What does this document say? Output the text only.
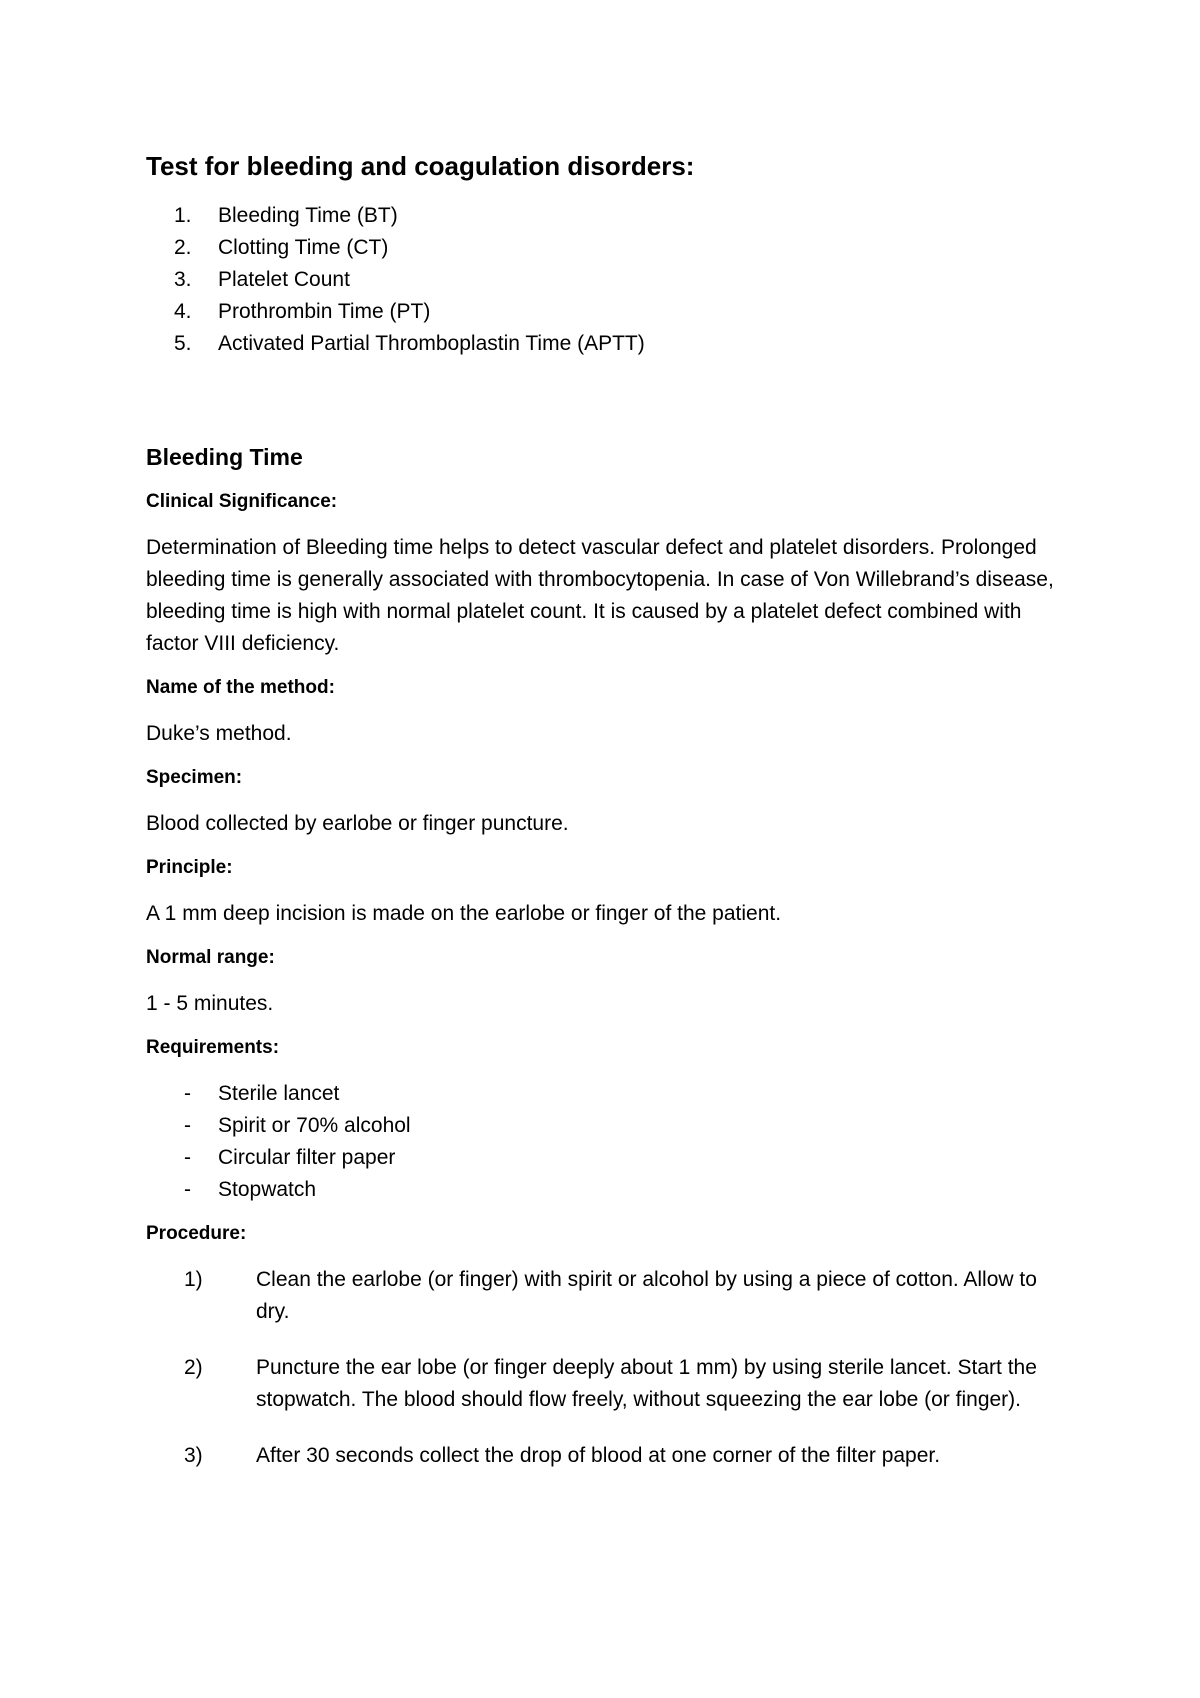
Test for bleeding and coagulation disorders:
1.	Bleeding Time (BT)
2.	Clotting Time (CT)
3.	Platelet Count
4.	Prothrombin Time (PT)
5.	Activated Partial Thromboplastin Time (APTT)
Bleeding Time

Clinical Significance:

Determination of Bleeding time helps to detect vascular defect and platelet disorders. Prolonged bleeding time is generally associated with thrombocytopenia. In case of Von Willebrand’s disease, bleeding time is high with normal platelet count. It is caused by a platelet defect combined with factor VIII deficiency.

Name of the method:

Duke’s method.

Specimen:

Blood collected by earlobe or finger puncture.

Principle:

A 1 mm deep incision is made on the earlobe or finger of the patient.

Normal range:

1 - 5 minutes.

Requirements:

-	Sterile lancet
-	Spirit or 70% alcohol
-	Circular filter paper
-	Stopwatch

Procedure:

1)	Clean the earlobe (or finger) with spirit or alcohol by using a piece of cotton. Allow to dry.
2)	Puncture the ear lobe (or finger deeply about 1 mm) by using sterile lancet. Start the stopwatch. The blood should flow freely, without squeezing the ear lobe (or finger).
3)	After 30 seconds collect the drop of blood at one corner of the filter paper.
